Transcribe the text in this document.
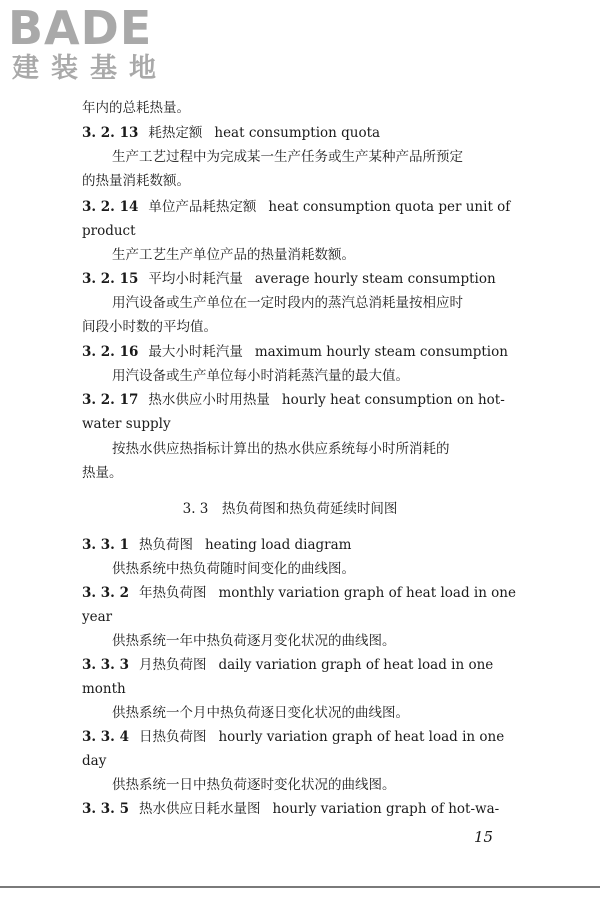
BADE
建装基地
年内的总耗热量。
3. 2. 13 耗热定额 heat consumption quota
生产工艺过程中为完成某一生产任务或生产某种产品所预定
的热量消耗数额。
3. 2. 14 单位产品耗热定额 heat consumption quota per unit of
product
生产工艺生产单位产品的热量消耗数额。
3. 2. 15 平均小时耗汽量 average hourly steam consumption
用汽设备或生产单位在一定时段内的蒸汽总消耗量按相应时
间段小时数的平均值。
3. 2. 16 最大小时耗汽量 maximum hourly steam consumption
用汽设备或生产单位每小时消耗蒸汽量的最大值。
3. 2. 17 热水供应小时用热量 hourly heat consumption on hot-
water supply
按热水供应热指标计算出的热水供应系统每小时所消耗的
热量。
3. 3　热负荷图和热负荷延续时间图
3. 3. 1 热负荷图 heating load diagram
供热系统中热负荷随时间变化的曲线图。
3. 3. 2 年热负荷图 monthly variation graph of heat load in one
year
供热系统一年中热负荷逐月变化状况的曲线图。
3. 3. 3 月热负荷图 daily variation graph of heat load in one
month
供热系统一个月中热负荷逐日变化状况的曲线图。
3. 3. 4 日热负荷图 hourly variation graph of heat load in one
day
供热系统一日中热负荷逐时变化状况的曲线图。
3. 3. 5 热水供应日耗水量图 hourly variation graph of hot-wa-
15
